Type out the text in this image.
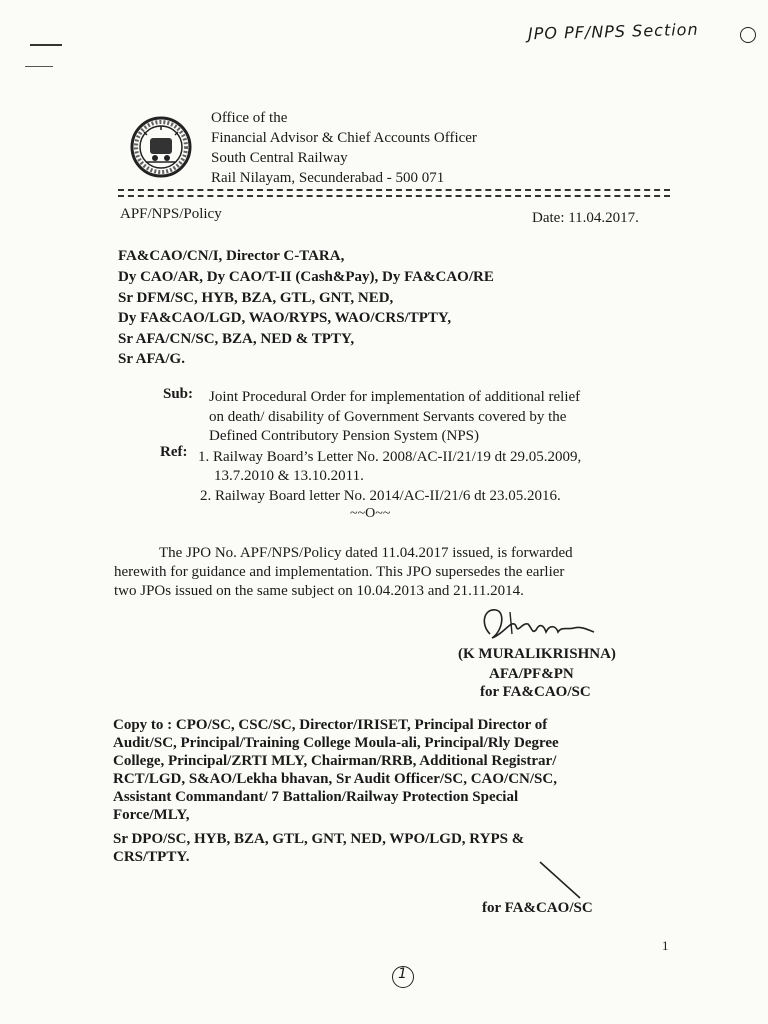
JPO PF/NPS Section
Office of the
Financial Advisor & Chief Accounts Officer
South Central Railway
Rail Nilayam, Secunderabad - 500 071
APF/NPS/Policy	Date: 11.04.2017.
FA&CAO/CN/I, Director C-TARA,
Dy CAO/AR, Dy CAO/T-II (Cash&Pay), Dy FA&CAO/RE
Sr DFM/SC, HYB, BZA, GTL, GNT, NED,
Dy FA&CAO/LGD, WAO/RYPS, WAO/CRS/TPTY,
Sr AFA/CN/SC, BZA, NED & TPTY,
Sr AFA/G.
Sub: Joint Procedural Order for implementation of additional relief
on death/ disability of Government Servants covered by the
Defined Contributory Pension System (NPS)
Ref: 1. Railway Board’s Letter No. 2008/AC-II/21/19 dt 29.05.2009,
13.7.2010 & 13.10.2011.
2. Railway Board letter No. 2014/AC-II/21/6 dt 23.05.2016.
~~O~~
The JPO No. APF/NPS/Policy dated 11.04.2017 issued, is forwarded
herewith for guidance and implementation. This JPO supersedes the earlier
two JPOs issued on the same subject on 10.04.2013 and 21.11.2014.
(K MURALIKRISHNA)
AFA/PF&PN
for FA&CAO/SC
Copy to : CPO/SC, CSC/SC, Director/IRISET, Principal Director of
Audit/SC, Principal/Training College Moula-ali, Principal/Rly Degree
College, Principal/ZRTI MLY, Chairman/RRB, Additional Registrar/
RCT/LGD, S&AO/Lekha bhavan, Sr Audit Officer/SC, CAO/CN/SC,
Assistant Commandant/ 7 Battalion/Railway Protection Special
Force/MLY,
Sr DPO/SC, HYB, BZA, GTL, GNT, NED, WPO/LGD, RYPS &
CRS/TPTY.
for FA&CAO/SC
1
1
